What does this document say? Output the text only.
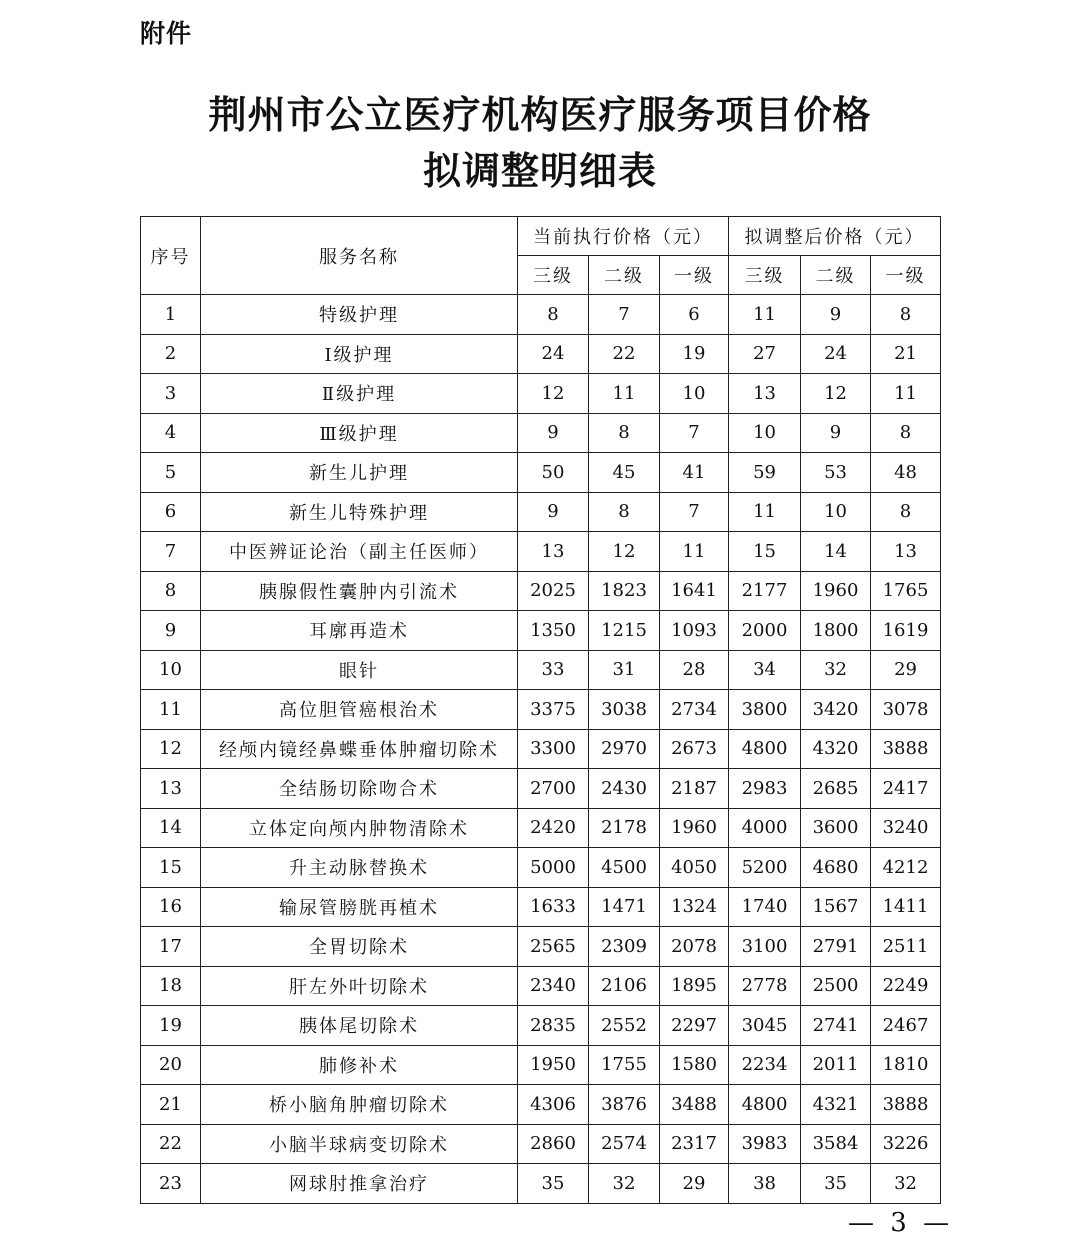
附件
荆州市公立医疗机构医疗服务项目价格
拟调整明细表
序号	服务名称	当前执行价格（元）			拟调整后价格（元）		
		三级	二级	一级	三级	二级	一级
1	特级护理	8	7	6	11	9	8
2	Ⅰ级护理	24	22	19	27	24	21
3	Ⅱ级护理	12	11	10	13	12	11
4	Ⅲ级护理	9	8	7	10	9	8
5	新生儿护理	50	45	41	59	53	48
6	新生儿特殊护理	9	8	7	11	10	8
7	中医辨证论治（副主任医师）	13	12	11	15	14	13
8	胰腺假性囊肿内引流术	2025	1823	1641	2177	1960	1765
9	耳廓再造术	1350	1215	1093	2000	1800	1619
10	眼针	33	31	28	34	32	29
11	高位胆管癌根治术	3375	3038	2734	3800	3420	3078
12	经颅内镜经鼻蝶垂体肿瘤切除术	3300	2970	2673	4800	4320	3888
13	全结肠切除吻合术	2700	2430	2187	2983	2685	2417
14	立体定向颅内肿物清除术	2420	2178	1960	4000	3600	3240
15	升主动脉替换术	5000	4500	4050	5200	4680	4212
16	输尿管膀胱再植术	1633	1471	1324	1740	1567	1411
17	全胃切除术	2565	2309	2078	3100	2791	2511
18	肝左外叶切除术	2340	2106	1895	2778	2500	2249
19	胰体尾切除术	2835	2552	2297	3045	2741	2467
20	肺修补术	1950	1755	1580	2234	2011	1810
21	桥小脑角肿瘤切除术	4306	3876	3488	4800	4321	3888
22	小脑半球病变切除术	2860	2574	2317	3983	3584	3226
23	网球肘推拿治疗	35	32	29	38	35	32
— 3 —
